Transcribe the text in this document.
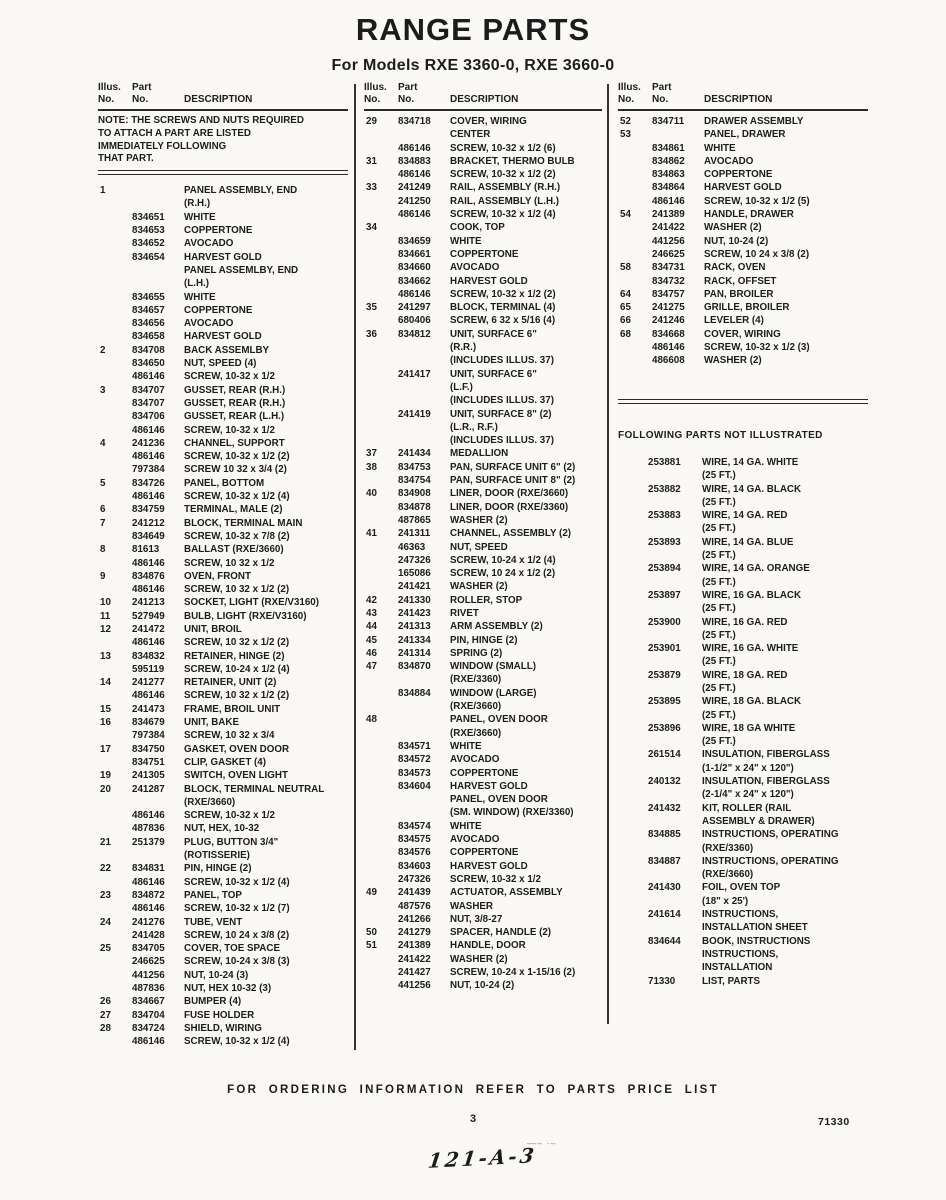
RANGE PARTS
For Models RXE 3360-0, RXE 3660-0
Illus.	Part
No.	No.	DESCRIPTION
NOTE: THE SCREWS AND NUTS REQUIRED
TO ATTACH A PART ARE LISTED
IMMEDIATELY FOLLOWING
THAT PART.
1	PANEL ASSEMBLY, END
(R.H.)
834651	WHITE
834653	COPPERTONE
834652	AVOCADO
834654	HARVEST GOLD
PANEL ASSEMLBY, END
(L.H.)
834655	WHITE
834657	COPPERTONE
834656	AVOCADO
834658	HARVEST GOLD
2	834708	BACK ASSEMLBY
834650	NUT, SPEED (4)
486146	SCREW, 10-32 x 1/2
3	834707	GUSSET, REAR (R.H.)
834707	GUSSET, REAR (R.H.)
834706	GUSSET, REAR (L.H.)
486146	SCREW, 10-32 x 1/2
4	241236	CHANNEL, SUPPORT
486146	SCREW, 10-32 x 1/2 (2)
797384	SCREW 10 32 x 3/4 (2)
5	834726	PANEL, BOTTOM
486146	SCREW, 10-32 x 1/2 (4)
6	834759	TERMINAL, MALE (2)
7	241212	BLOCK, TERMINAL MAIN
834649	SCREW, 10-32 x 7/8 (2)
8	81613	BALLAST (RXE/3660)
486146	SCREW, 10 32 x 1/2
9	834876	OVEN, FRONT
486146	SCREW, 10 32 x 1/2 (2)
10	241213	SOCKET, LIGHT (RXE/V3160)
11	527949	BULB, LIGHT (RXE/V3160)
12	241472	UNIT, BROIL
486146	SCREW, 10 32 x 1/2 (2)
13	834832	RETAINER, HINGE (2)
595119	SCREW, 10-24 x 1/2 (4)
14	241277	RETAINER, UNIT (2)
486146	SCREW, 10 32 x 1/2 (2)
15	241473	FRAME, BROIL UNIT
16	834679	UNIT, BAKE
797384	SCREW, 10 32 x 3/4
17	834750	GASKET, OVEN DOOR
834751	CLIP, GASKET (4)
19	241305	SWITCH, OVEN LIGHT
20	241287	BLOCK, TERMINAL NEUTRAL
(RXE/3660)
486146	SCREW, 10-32 x 1/2
487836	NUT, HEX, 10-32
21	251379	PLUG, BUTTON 3/4"
(ROTISSERIE)
22	834831	PIN, HINGE (2)
486146	SCREW, 10-32 x 1/2 (4)
23	834872	PANEL, TOP
486146	SCREW, 10-32 x 1/2 (7)
24	241276	TUBE, VENT
241428	SCREW, 10 24 x 3/8 (2)
25	834705	COVER, TOE SPACE
246625	SCREW, 10-24 x 3/8 (3)
441256	NUT, 10-24 (3)
487836	NUT, HEX 10-32 (3)
26	834667	BUMPER (4)
27	834704	FUSE HOLDER
28	834724	SHIELD, WIRING
486146	SCREW, 10-32 x 1/2 (4)
Illus.	Part
No.	No.	DESCRIPTION
29	834718	COVER, WIRING
CENTER
486146	SCREW, 10-32 x 1/2 (6)
31	834883	BRACKET, THERMO BULB
486146	SCREW, 10-32 x 1/2 (2)
33	241249	RAIL, ASSEMBLY (R.H.)
241250	RAIL, ASSEMBLY (L.H.)
486146	SCREW, 10-32 x 1/2 (4)
34	COOK, TOP
834659	WHITE
834661	COPPERTONE
834660	AVOCADO
834662	HARVEST GOLD
486146	SCREW, 10-32 x 1/2 (2)
35	241297	BLOCK, TERMINAL (4)
680406	SCREW, 6 32 x 5/16 (4)
36	834812	UNIT, SURFACE 6"
(R.R.)
(INCLUDES ILLUS. 37)
241417	UNIT, SURFACE 6"
(L.F.)
(INCLUDES ILLUS. 37)
241419	UNIT, SURFACE 8" (2)
(L.R., R.F.)
(INCLUDES ILLUS. 37)
37	241434	MEDALLION
38	834753	PAN, SURFACE UNIT 6" (2)
834754	PAN, SURFACE UNIT 8" (2)
40	834908	LINER, DOOR (RXE/3660)
834878	LINER, DOOR (RXE/3360)
487865	WASHER (2)
41	241311	CHANNEL, ASSEMBLY (2)
46363	NUT, SPEED
247326	SCREW, 10-24 x 1/2 (4)
165086	SCREW, 10 24 x 1/2 (2)
241421	WASHER (2)
42	241330	ROLLER, STOP
43	241423	RIVET
44	241313	ARM ASSEMBLY (2)
45	241334	PIN, HINGE (2)
46	241314	SPRING (2)
47	834870	WINDOW (SMALL)
(RXE/3360)
834884	WINDOW (LARGE)
(RXE/3660)
48	PANEL, OVEN DOOR
(RXE/3660)
834571	WHITE
834572	AVOCADO
834573	COPPERTONE
834604	HARVEST GOLD
PANEL, OVEN DOOR
(SM. WINDOW) (RXE/3360)
834574	WHITE
834575	AVOCADO
834576	COPPERTONE
834603	HARVEST GOLD
247326	SCREW, 10-32 x 1/2
49	241439	ACTUATOR, ASSEMBLY
487576	WASHER
241266	NUT, 3/8-27
50	241279	SPACER, HANDLE (2)
51	241389	HANDLE, DOOR
241422	WASHER (2)
241427	SCREW, 10-24 x 1-15/16 (2)
441256	NUT, 10-24 (2)
Illus.	Part
No.	No.	DESCRIPTION
52	834711	DRAWER ASSEMBLY
53	PANEL, DRAWER
834861	WHITE
834862	AVOCADO
834863	COPPERTONE
834864	HARVEST GOLD
486146	SCREW, 10-32 x 1/2 (5)
54	241389	HANDLE, DRAWER
241422	WASHER (2)
441256	NUT, 10-24 (2)
246625	SCREW, 10 24 x 3/8 (2)
58	834731	RACK, OVEN
834732	RACK, OFFSET
64	834757	PAN, BROILER
65	241275	GRILLE, BROILER
66	241246	LEVELER (4)
68	834668	COVER, WIRING
486146	SCREW, 10-32 x 1/2 (3)
486608	WASHER (2)
FOLLOWING PARTS NOT ILLUSTRATED
253881	WIRE, 14 GA. WHITE
(25 FT.)
253882	WIRE, 14 GA. BLACK
(25 FT.)
253883	WIRE, 14 GA. RED
(25 FT.)
253893	WIRE, 14 GA. BLUE
(25 FT.)
253894	WIRE, 14 GA. ORANGE
(25 FT.)
253897	WIRE, 16 GA. BLACK
(25 FT.)
253900	WIRE, 16 GA. RED
(25 FT.)
253901	WIRE, 16 GA. WHITE
(25 FT.)
253879	WIRE, 18 GA. RED
(25 FT.)
253895	WIRE, 18 GA. BLACK
(25 FT.)
253896	WIRE, 18 GA WHITE
(25 FT.)
261514	INSULATION, FIBERGLASS
(1-1/2" x 24" x 120")
240132	INSULATION, FIBERGLASS
(2-1/4" x 24" x 120")
241432	KIT, ROLLER (RAIL
ASSEMBLY & DRAWER)
834885	INSTRUCTIONS, OPERATING
(RXE/3360)
834887	INSTRUCTIONS, OPERATING
(RXE/3660)
241430	FOIL, OVEN TOP
(18" x 25')
241614	INSTRUCTIONS,
INSTALLATION SHEET
834644	BOOK, INSTRUCTIONS
INSTRUCTIONS,
INSTALLATION
71330	LIST, PARTS
FOR ORDERING INFORMATION REFER TO PARTS PRICE LIST
3	71330
—– ·–
121-A-3
